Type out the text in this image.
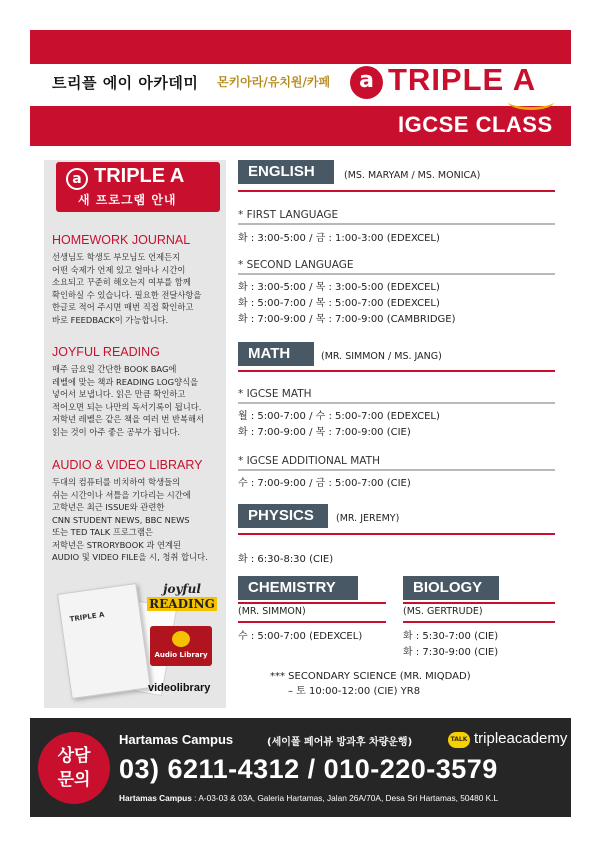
트리플 에이 아카데미 몬키아라/유치원/카페	a TRIPLE A
IGCSE CLASS
a TRIPLE A
새 프로그램 안내
HOMEWORK JOURNAL
선생님도 학생도 부모님도 언제든지
어떤 숙제가 언제 있고 얼마나 시간이
소요되고 꾸준히 해오는지 여부를 함께
확인하실 수 있습니다. 필요한 전달사항을
한글로 적어 주시면 매번 직접 확인하고
바로 FEEDBACK이 가능합니다.
JOYFUL READING
매주 금요일 간단한 BOOK BAG에
레벨에 맞는 책과 READING LOG양식을
넣어서 보냅니다. 읽은 만큼 확인하고
적어오면 되는 나만의 독서기록이 됩니다.
저학년 레벨은 같은 책을 여러 번 반복해서
읽는 것이 아주 좋은 공부가 됩니다.
AUDIO & VIDEO LIBRARY
두대의 컴퓨터를 비치하여 학생들의
쉬는 시간이나 셔틀을 기다리는 시간에
고학년은 최근 ISSUE와 관련한
CNN STUDENT NEWS, BBC NEWS
또는 TED TALK 프로그램은
저학년은 STRORYBOOK 과 연계된
AUDIO 및 VIDEO FILE을 시, 청취 합니다.
TRIPLE A
joyful
READING
Audio Library
videolibrary
ENGLISH	(MS. MARYAM / MS. MONICA)
* FIRST LANGUAGE
화 : 3:00-5:00 / 금 : 1:00-3:00 (EDEXCEL)
* SECOND LANGUAGE
화 : 3:00-5:00 / 목 : 3:00-5:00 (EDEXCEL)
화 : 5:00-7:00 / 목 : 5:00-7:00 (EDEXCEL)
화 : 7:00-9:00 / 목 : 7:00-9:00 (CAMBRIDGE)
MATH	(MR. SIMMON / MS. JANG)
* IGCSE MATH
월 : 5:00-7:00 / 수 : 5:00-7:00 (EDEXCEL)
화 : 7:00-9:00 / 목 : 7:00-9:00 (CIE)
* IGCSE ADDITIONAL MATH
수 : 7:00-9:00 / 금 : 5:00-7:00 (CIE)
PHYSICS	(MR. JEREMY)
화 : 6:30-8:30 (CIE)
CHEMISTRY
(MR. SIMMON)
수 : 5:00-7:00 (EDEXCEL)
BIOLOGY
(MS. GERTRUDE)
화 : 5:30-7:00 (CIE)
화 : 7:30-9:00 (CIE)
*** SECONDARY SCIENCE (MR. MIQDAD)
– 토 10:00-12:00 (CIE) YR8
상담
문의
Hartamas Campus	(세이폴 페어뷰 방과후 차량운행)	TALK tripleacademy
03) 6211-4312 / 010-220-3579
Hartamas Campus : A-03-03 & 03A, Galeria Hartamas, Jalan 26A/70A, Desa Sri Hartamas, 50480 K.L
